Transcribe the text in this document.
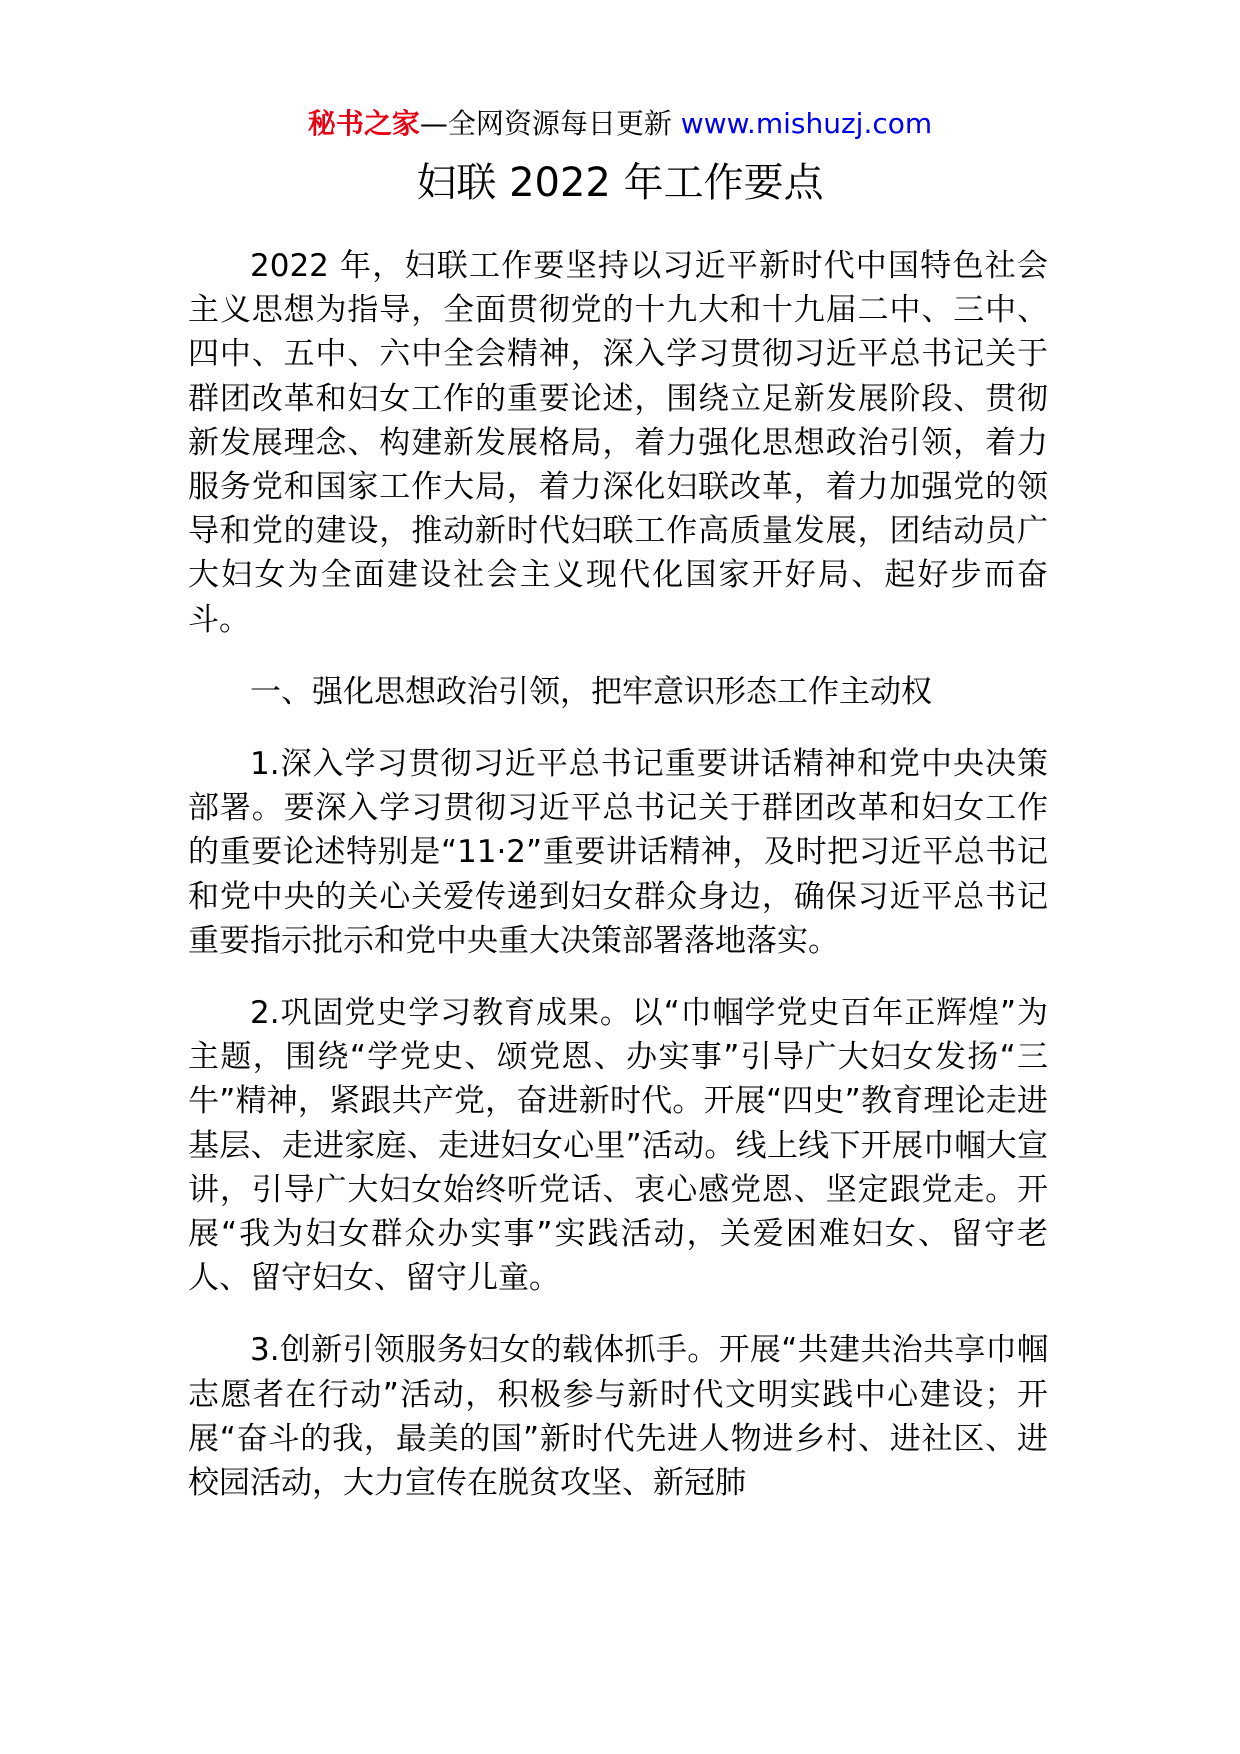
秘书之家—全网资源每日更新 www.mishuzj.com
妇联 2022 年工作要点

2022 年，妇联工作要坚持以习近平新时代中国特色社会主义思想为指导，全面贯彻党的十九大和十九届二中、三中、四中、五中、六中全会精神，深入学习贯彻习近平总书记关于群团改革和妇女工作的重要论述，围绕立足新发展阶段、贯彻新发展理念、构建新发展格局，着力强化思想政治引领，着力服务党和国家工作大局，着力深化妇联改革，着力加强党的领导和党的建设，推动新时代妇联工作高质量发展，团结动员广大妇女为全面建设社会主义现代化国家开好局、起好步而奋斗。

一、强化思想政治引领，把牢意识形态工作主动权

1.深入学习贯彻习近平总书记重要讲话精神和党中央决策部署。要深入学习贯彻习近平总书记关于群团改革和妇女工作的重要论述特别是“11·2”重要讲话精神，及时把习近平总书记和党中央的关心关爱传递到妇女群众身边，确保习近平总书记重要指示批示和党中央重大决策部署落地落实。

2.巩固党史学习教育成果。以“巾帼学党史百年正辉煌”为主题，围绕“学党史、颂党恩、办实事”引导广大妇女发扬“三牛”精神，紧跟共产党，奋进新时代。开展“四史”教育理论走进基层、走进家庭、走进妇女心里”活动。线上线下开展巾帼大宣讲，引导广大妇女始终听党话、衷心感党恩、坚定跟党走。开展“我为妇女群众办实事”实践活动，关爱困难妇女、留守老人、留守妇女、留守儿童。

3.创新引领服务妇女的载体抓手。开展“共建共治共享巾帼志愿者在行动”活动，积极参与新时代文明实践中心建设；开展“奋斗的我，最美的国”新时代先进人物进乡村、进社区、进校园活动，大力宣传在脱贫攻坚、新冠肺
